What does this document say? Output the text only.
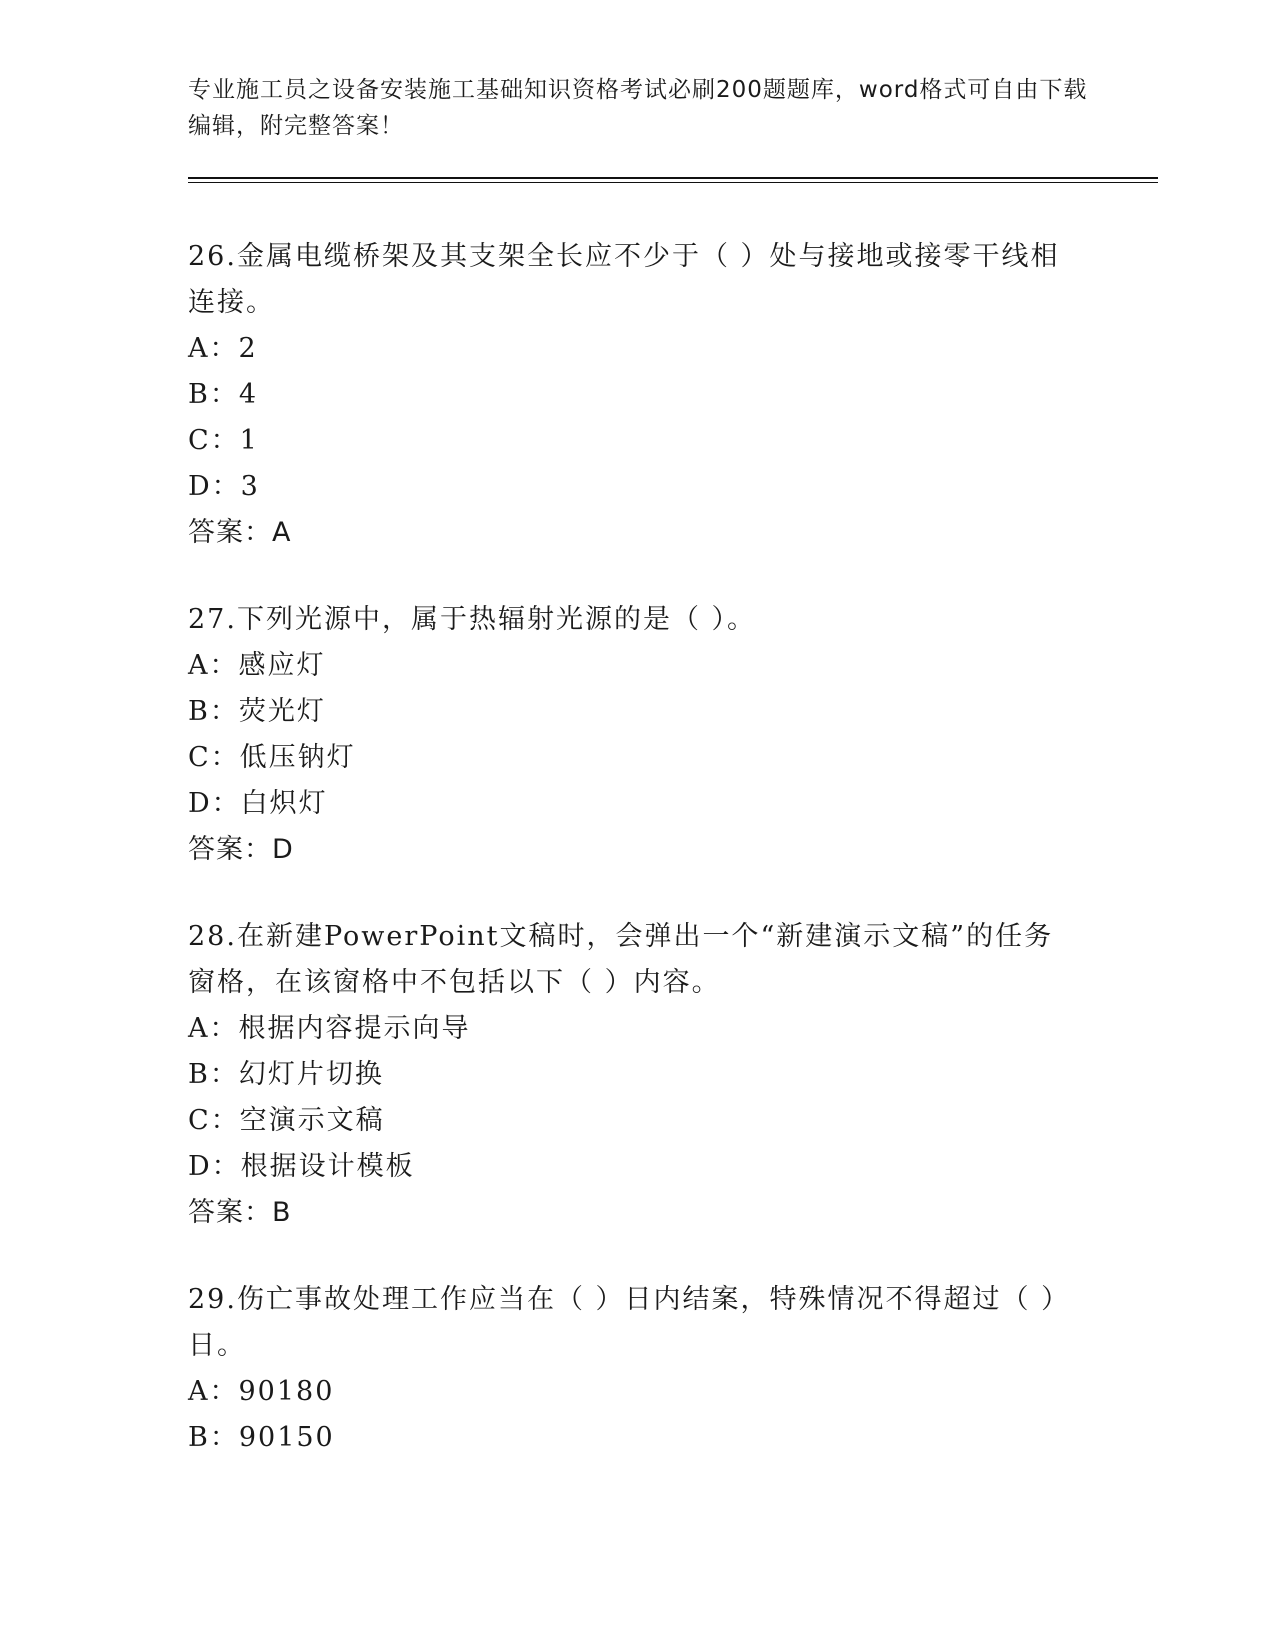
专业施工员之设备安装施工基础知识资格考试必刷200题题库，word格式可自由下载编辑，附完整答案！
26.金属电缆桥架及其支架全长应不少于（ ）处与接地或接零干线相连接。
A：2
B：4
C：1
D：3
答案：A
27.下列光源中，属于热辐射光源的是（ ）。
A：感应灯
B：荧光灯
C：低压钠灯
D：白炽灯
答案：D
28.在新建PowerPoint文稿时，会弹出一个“新建演示文稿”的任务窗格，在该窗格中不包括以下（ ）内容。
A：根据内容提示向导
B：幻灯片切换
C：空演示文稿
D：根据设计模板
答案：B
29.伤亡事故处理工作应当在（ ）日内结案，特殊情况不得超过（ ）日。
A：90180
B：90150
